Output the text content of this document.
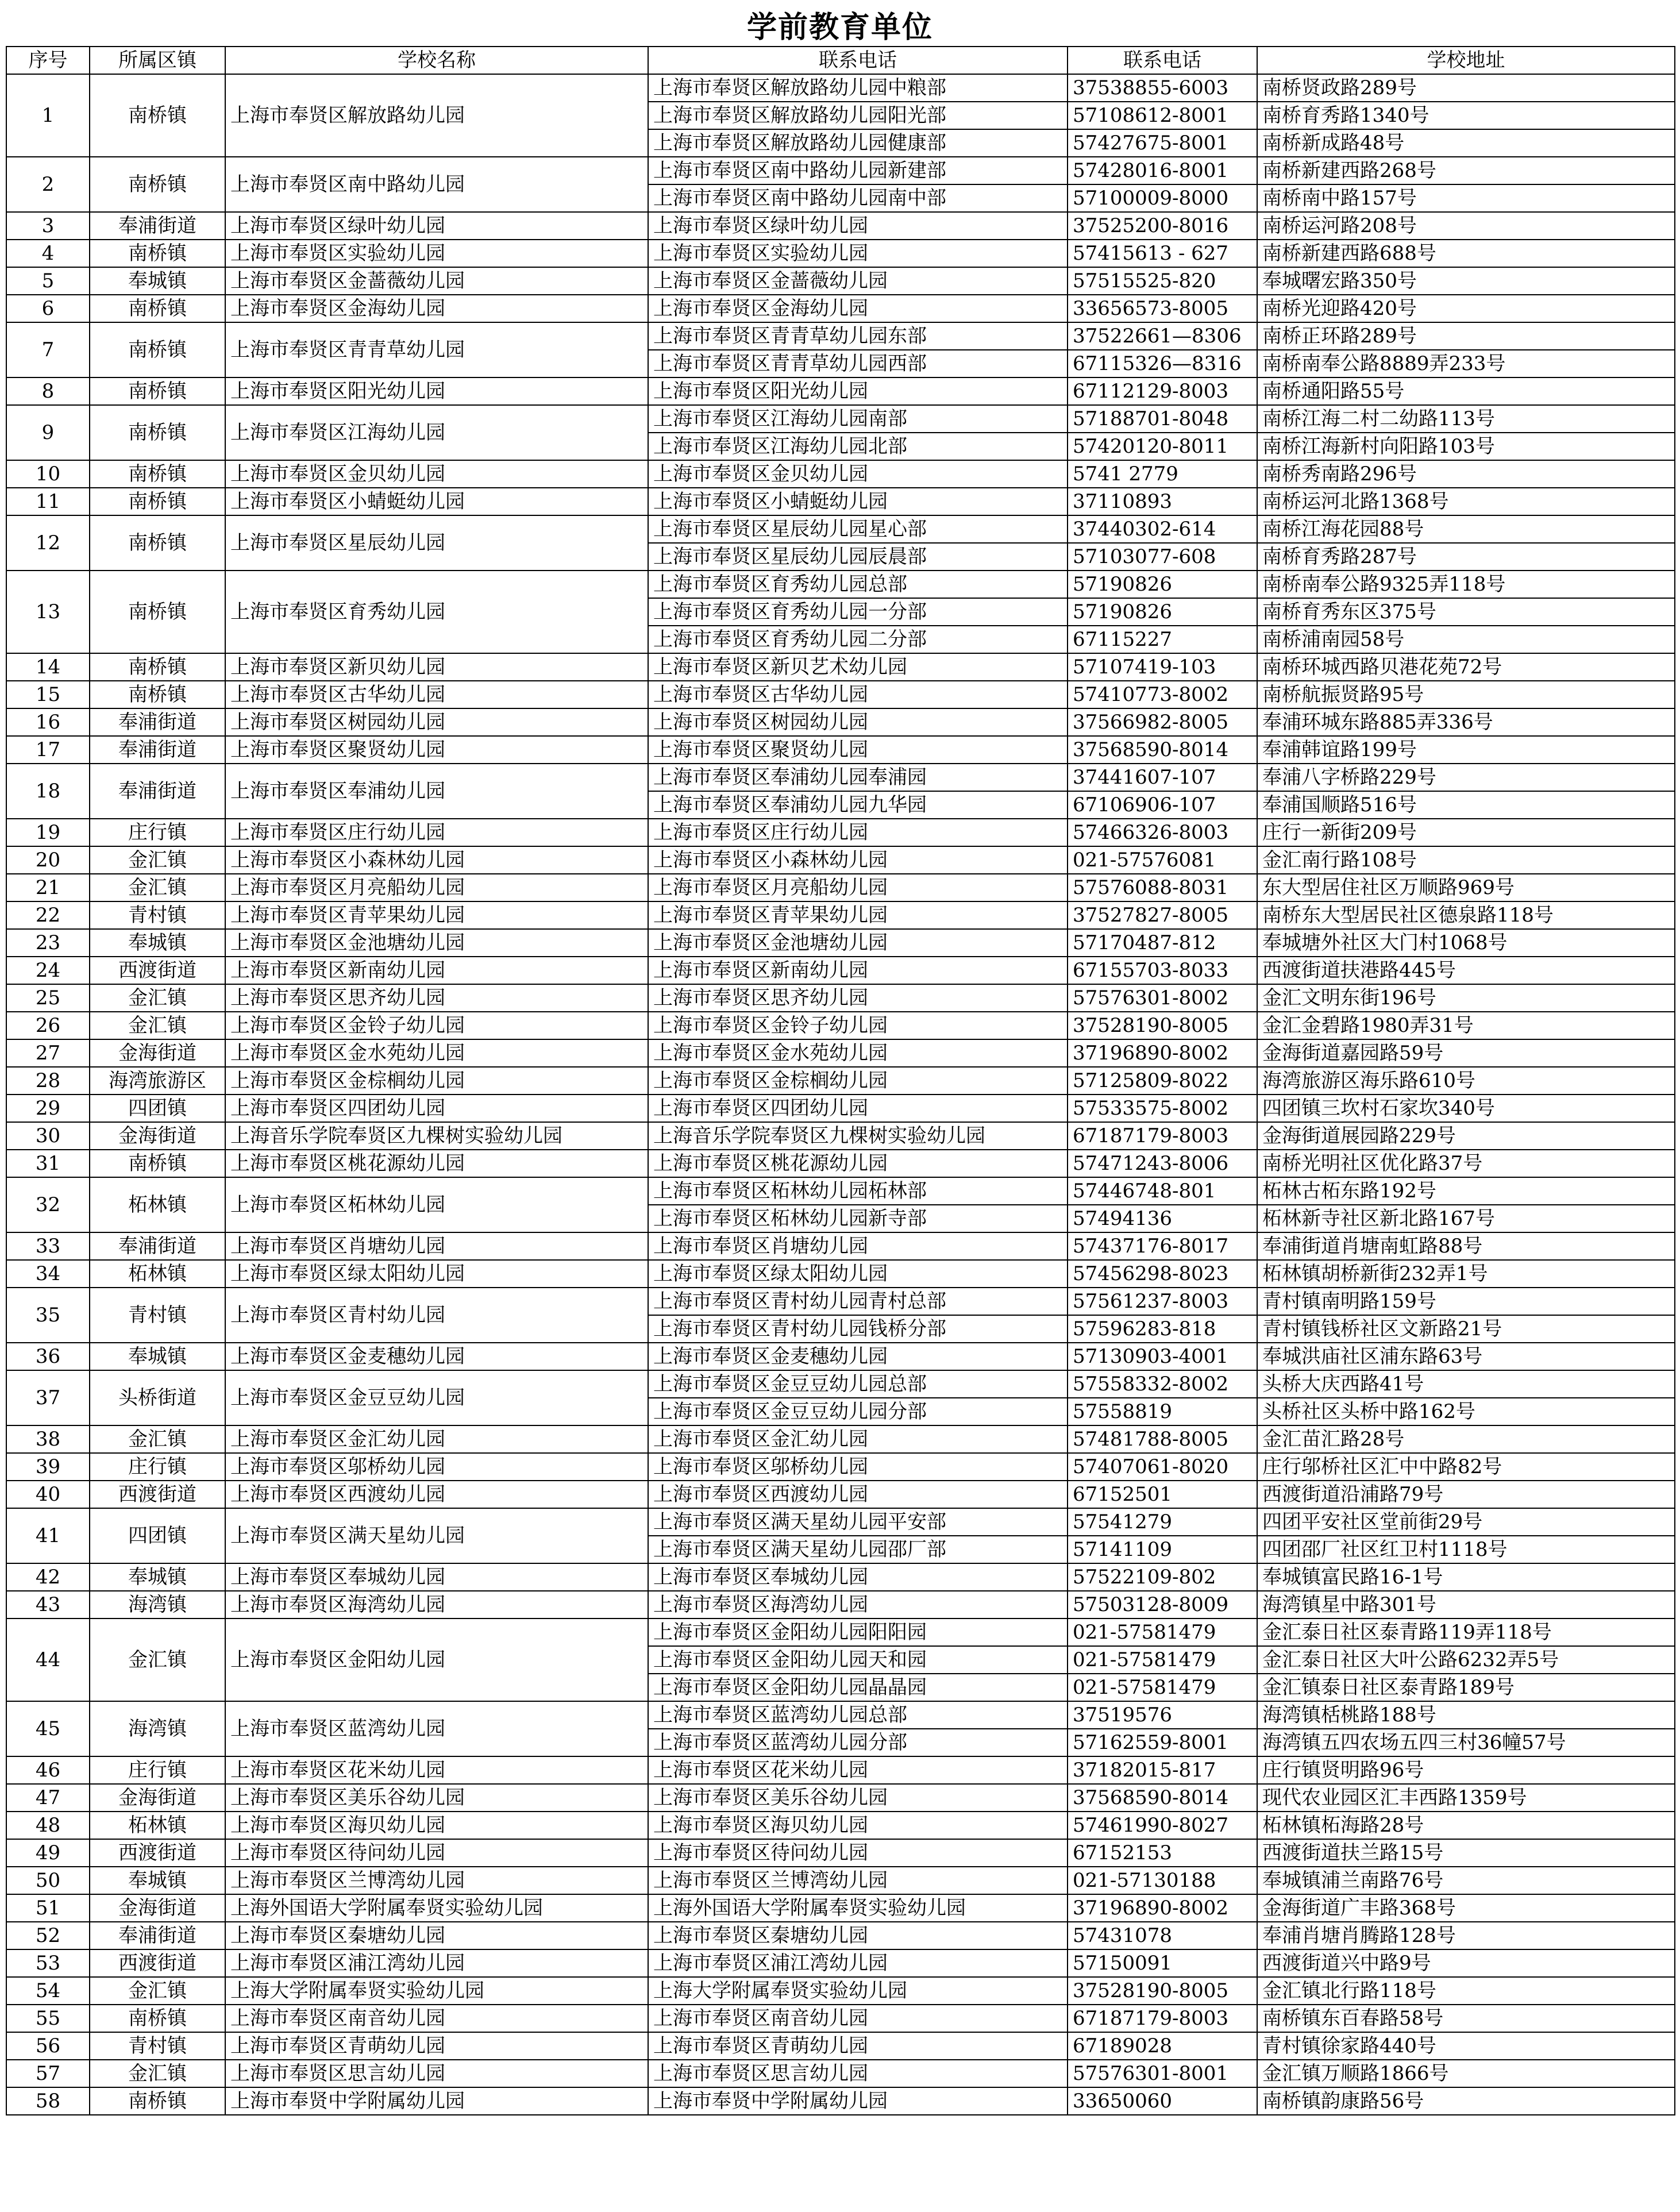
学前教育单位
序号	所属区镇	学校名称	联系电话	联系电话	学校地址
1	南桥镇	上海市奉贤区解放路幼儿园	上海市奉贤区解放路幼儿园中粮部	37538855-6003	南桥贤政路289号
			上海市奉贤区解放路幼儿园阳光部	57108612-8001	南桥育秀路1340号
			上海市奉贤区解放路幼儿园健康部	57427675-8001	南桥新成路48号
2	南桥镇	上海市奉贤区南中路幼儿园	上海市奉贤区南中路幼儿园新建部	57428016-8001	南桥新建西路268号
			上海市奉贤区南中路幼儿园南中部	57100009-8000	南桥南中路157号
3	奉浦街道	上海市奉贤区绿叶幼儿园	上海市奉贤区绿叶幼儿园	37525200-8016	南桥运河路208号
4	南桥镇	上海市奉贤区实验幼儿园	上海市奉贤区实验幼儿园	57415613 - 627	南桥新建西路688号
5	奉城镇	上海市奉贤区金蔷薇幼儿园	上海市奉贤区金蔷薇幼儿园	57515525-820	奉城曙宏路350号
6	南桥镇	上海市奉贤区金海幼儿园	上海市奉贤区金海幼儿园	33656573-8005	南桥光迎路420号
7	南桥镇	上海市奉贤区青青草幼儿园	上海市奉贤区青青草幼儿园东部	37522661—8306	南桥正环路289号
			上海市奉贤区青青草幼儿园西部	67115326—8316	南桥南奉公路8889弄233号
8	南桥镇	上海市奉贤区阳光幼儿园	上海市奉贤区阳光幼儿园	67112129-8003	南桥通阳路55号
9	南桥镇	上海市奉贤区江海幼儿园	上海市奉贤区江海幼儿园南部	57188701-8048	南桥江海二村二幼路113号
			上海市奉贤区江海幼儿园北部	57420120-8011	南桥江海新村向阳路103号
10	南桥镇	上海市奉贤区金贝幼儿园	上海市奉贤区金贝幼儿园	5741 2779	南桥秀南路296号
11	南桥镇	上海市奉贤区小蜻蜓幼儿园	上海市奉贤区小蜻蜓幼儿园	37110893	南桥运河北路1368号
12	南桥镇	上海市奉贤区星辰幼儿园	上海市奉贤区星辰幼儿园星心部	37440302-614	南桥江海花园88号
			上海市奉贤区星辰幼儿园辰晨部	57103077-608	南桥育秀路287号
13	南桥镇	上海市奉贤区育秀幼儿园	上海市奉贤区育秀幼儿园总部	57190826	南桥南奉公路9325弄118号
			上海市奉贤区育秀幼儿园一分部	57190826	南桥育秀东区375号
			上海市奉贤区育秀幼儿园二分部	67115227	南桥浦南园58号
14	南桥镇	上海市奉贤区新贝幼儿园	上海市奉贤区新贝艺术幼儿园	57107419-103	南桥环城西路贝港花苑72号
15	南桥镇	上海市奉贤区古华幼儿园	上海市奉贤区古华幼儿园	57410773-8002	南桥航振贤路95号
16	奉浦街道	上海市奉贤区树园幼儿园	上海市奉贤区树园幼儿园	37566982-8005	奉浦环城东路885弄336号
17	奉浦街道	上海市奉贤区聚贤幼儿园	上海市奉贤区聚贤幼儿园	37568590-8014	奉浦韩谊路199号
18	奉浦街道	上海市奉贤区奉浦幼儿园	上海市奉贤区奉浦幼儿园奉浦园	37441607-107	奉浦八字桥路229号
			上海市奉贤区奉浦幼儿园九华园	67106906-107	奉浦国顺路516号
19	庄行镇	上海市奉贤区庄行幼儿园	上海市奉贤区庄行幼儿园	57466326-8003	庄行一新街209号
20	金汇镇	上海市奉贤区小森林幼儿园	上海市奉贤区小森林幼儿园	021-57576081	金汇南行路108号
21	金汇镇	上海市奉贤区月亮船幼儿园	上海市奉贤区月亮船幼儿园	57576088-8031	东大型居住社区万顺路969号
22	青村镇	上海市奉贤区青苹果幼儿园	上海市奉贤区青苹果幼儿园	37527827-8005	南桥东大型居民社区德泉路118号
23	奉城镇	上海市奉贤区金池塘幼儿园	上海市奉贤区金池塘幼儿园	57170487-812	奉城塘外社区大门村1068号
24	西渡街道	上海市奉贤区新南幼儿园	上海市奉贤区新南幼儿园	67155703-8033	西渡街道扶港路445号
25	金汇镇	上海市奉贤区思齐幼儿园	上海市奉贤区思齐幼儿园	57576301-8002	金汇文明东街196号
26	金汇镇	上海市奉贤区金铃子幼儿园	上海市奉贤区金铃子幼儿园	37528190-8005	金汇金碧路1980弄31号
27	金海街道	上海市奉贤区金水苑幼儿园	上海市奉贤区金水苑幼儿园	37196890-8002	金海街道嘉园路59号
28	海湾旅游区	上海市奉贤区金棕榈幼儿园	上海市奉贤区金棕榈幼儿园	57125809-8022	海湾旅游区海乐路610号
29	四团镇	上海市奉贤区四团幼儿园	上海市奉贤区四团幼儿园	57533575-8002	四团镇三坎村石家坎340号
30	金海街道	上海音乐学院奉贤区九棵树实验幼儿园	上海音乐学院奉贤区九棵树实验幼儿园	67187179-8003	金海街道展园路229号
31	南桥镇	上海市奉贤区桃花源幼儿园	上海市奉贤区桃花源幼儿园	57471243-8006	南桥光明社区优化路37号
32	柘林镇	上海市奉贤区柘林幼儿园	上海市奉贤区柘林幼儿园柘林部	57446748-801	柘林古柘东路192号
			上海市奉贤区柘林幼儿园新寺部	57494136	柘林新寺社区新北路167号
33	奉浦街道	上海市奉贤区肖塘幼儿园	上海市奉贤区肖塘幼儿园	57437176-8017	奉浦街道肖塘南虹路88号
34	柘林镇	上海市奉贤区绿太阳幼儿园	上海市奉贤区绿太阳幼儿园	57456298-8023	柘林镇胡桥新街232弄1号
35	青村镇	上海市奉贤区青村幼儿园	上海市奉贤区青村幼儿园青村总部	57561237-8003	青村镇南明路159号
			上海市奉贤区青村幼儿园钱桥分部	57596283-818	青村镇钱桥社区文新路21号
36	奉城镇	上海市奉贤区金麦穗幼儿园	上海市奉贤区金麦穗幼儿园	57130903-4001	奉城洪庙社区浦东路63号
37	头桥街道	上海市奉贤区金豆豆幼儿园	上海市奉贤区金豆豆幼儿园总部	57558332-8002	头桥大庆西路41号
			上海市奉贤区金豆豆幼儿园分部	57558819	头桥社区头桥中路162号
38	金汇镇	上海市奉贤区金汇幼儿园	上海市奉贤区金汇幼儿园	57481788-8005	金汇苗汇路28号
39	庄行镇	上海市奉贤区邬桥幼儿园	上海市奉贤区邬桥幼儿园	57407061-8020	庄行邬桥社区汇中中路82号
40	西渡街道	上海市奉贤区西渡幼儿园	上海市奉贤区西渡幼儿园	67152501	西渡街道沿浦路79号
41	四团镇	上海市奉贤区满天星幼儿园	上海市奉贤区满天星幼儿园平安部	57541279	四团平安社区堂前街29号
			上海市奉贤区满天星幼儿园邵厂部	57141109	四团邵厂社区红卫村1118号
42	奉城镇	上海市奉贤区奉城幼儿园	上海市奉贤区奉城幼儿园	57522109-802	奉城镇富民路16-1号
43	海湾镇	上海市奉贤区海湾幼儿园	上海市奉贤区海湾幼儿园	57503128-8009	海湾镇星中路301号
44	金汇镇	上海市奉贤区金阳幼儿园	上海市奉贤区金阳幼儿园阳阳园	021-57581479	金汇泰日社区泰青路119弄118号
			上海市奉贤区金阳幼儿园天和园	021-57581479	金汇泰日社区大叶公路6232弄5号
			上海市奉贤区金阳幼儿园晶晶园	021-57581479	金汇镇泰日社区泰青路189号
45	海湾镇	上海市奉贤区蓝湾幼儿园	上海市奉贤区蓝湾幼儿园总部	37519576	海湾镇栝桃路188号
			上海市奉贤区蓝湾幼儿园分部	57162559-8001	海湾镇五四农场五四三村36幢57号
46	庄行镇	上海市奉贤区花米幼儿园	上海市奉贤区花米幼儿园	37182015-817	庄行镇贤明路96号
47	金海街道	上海市奉贤区美乐谷幼儿园	上海市奉贤区美乐谷幼儿园	37568590-8014	现代农业园区汇丰西路1359号
48	柘林镇	上海市奉贤区海贝幼儿园	上海市奉贤区海贝幼儿园	57461990-8027	柘林镇柘海路28号
49	西渡街道	上海市奉贤区待问幼儿园	上海市奉贤区待问幼儿园	67152153	西渡街道扶兰路15号
50	奉城镇	上海市奉贤区兰博湾幼儿园	上海市奉贤区兰博湾幼儿园	021-57130188	奉城镇浦兰南路76号
51	金海街道	上海外国语大学附属奉贤实验幼儿园	上海外国语大学附属奉贤实验幼儿园	37196890-8002	金海街道广丰路368号
52	奉浦街道	上海市奉贤区秦塘幼儿园	上海市奉贤区秦塘幼儿园	57431078	奉浦肖塘肖腾路128号
53	西渡街道	上海市奉贤区浦江湾幼儿园	上海市奉贤区浦江湾幼儿园	57150091	西渡街道兴中路9号
54	金汇镇	上海大学附属奉贤实验幼儿园	上海大学附属奉贤实验幼儿园	37528190-8005	金汇镇北行路118号
55	南桥镇	上海市奉贤区南音幼儿园	上海市奉贤区南音幼儿园	67187179-8003	南桥镇东百春路58号
56	青村镇	上海市奉贤区青萌幼儿园	上海市奉贤区青萌幼儿园	67189028	青村镇徐家路440号
57	金汇镇	上海市奉贤区思言幼儿园	上海市奉贤区思言幼儿园	57576301-8001	金汇镇万顺路1866号
58	南桥镇	上海市奉贤中学附属幼儿园	上海市奉贤中学附属幼儿园	33650060	南桥镇韵康路56号
